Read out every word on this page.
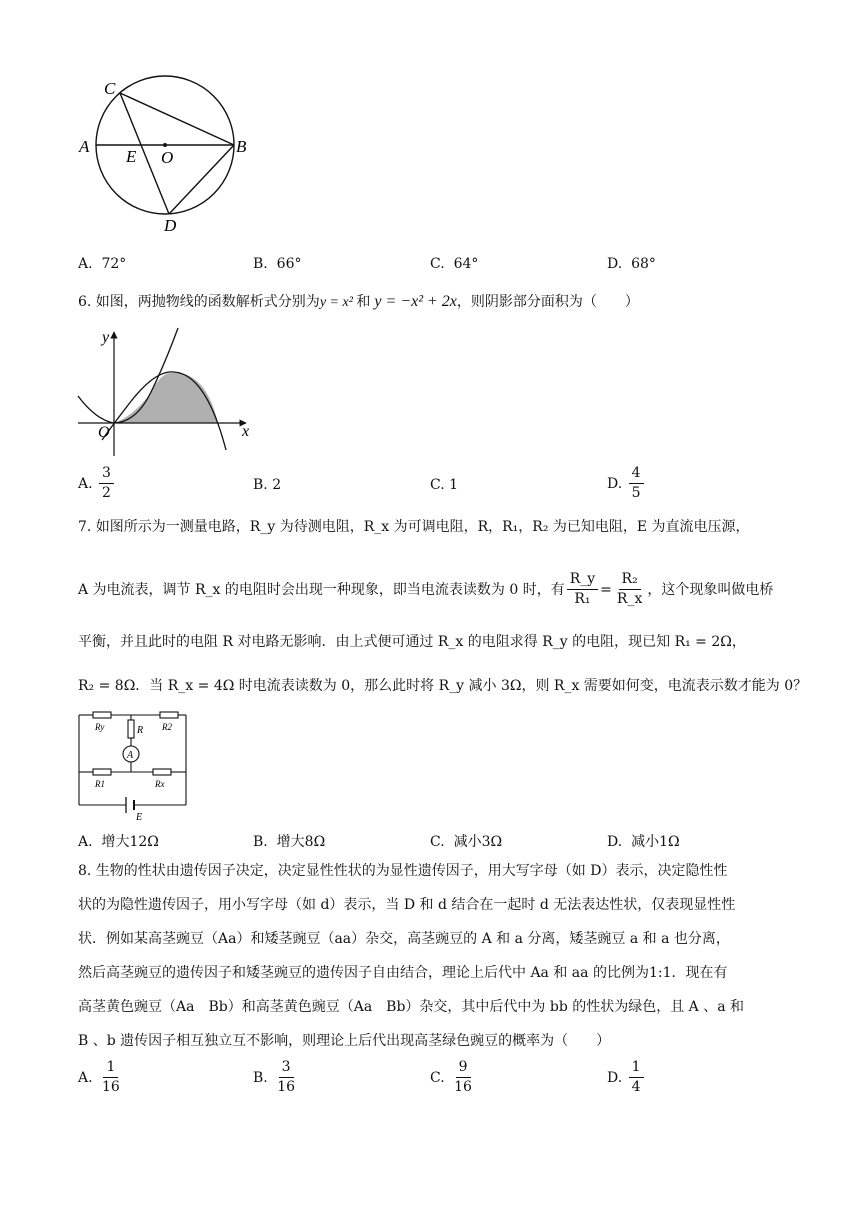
C
A
E O
B
D
A. 72°	B. 66°	C. 64°	D. 68°
6. 如图，两抛物线的函数解析式分别为y = x² 和 y = −x² + 2x，则阴影部分面积为（　　）
y
x
O
A. $\frac{3}{2}$	B. 2	C. 1	D. $\frac{4}{5}$
7. 如图所示为一测量电路，R_y 为待测电阻，R_x 为可调电阻，R，R₁，R₂ 为已知电阻，E 为直流电压源，
A 为电流表，调节 R_x 的电阻时会出现一种现象，即当电流表读数为 0 时，有 $\frac{R\_y}{\text{R₁}} = \frac{\text{R₂}}{R\_x}$ ，这个现象叫做电桥
平衡，并且此时的电阻 R 对电路无影响．由上式便可通过 R_x 的电阻求得 R_y 的电阻，现已知 R₁ = 2Ω，
R₂ = 8Ω．当 R_x = 4Ω 时电流表读数为 0，那么此时将 R_y 减小 3Ω，则 R_x 需要如何变，电流表示数才能为 0？
Ry	R R2
A
R1	Rx
E
A. 增大12Ω	B. 增大8Ω	C. 减小3Ω	D. 减小1Ω
8. 生物的性状由遗传因子决定，决定显性性状的为显性遗传因子，用大写字母（如 D）表示，决定隐性性
状的为隐性遗传因子，用小写字母（如 d）表示，当 D 和 d 结合在一起时 d 无法表达性状，仅表现显性性
状．例如某高茎豌豆（Aa）和矮茎豌豆（aa）杂交，高茎豌豆的 A 和 a 分离，矮茎豌豆 a 和 a 也分离，
然后高茎豌豆的遗传因子和矮茎豌豆的遗传因子自由结合，理论上后代中 Aa 和 aa 的比例为1:1．现在有
高茎黄色豌豆（Aa　Bb）和高茎黄色豌豆（Aa　Bb）杂交，其中后代中为 bb 的性状为绿色，且 A 、a 和
B 、b 遗传因子相互独立互不影响，则理论上后代出现高茎绿色豌豆的概率为（　　）
A. $\frac{1}{16}$	B. $\frac{3}{16}$	C. $\frac{9}{16}$	D. $\frac{1}{4}$
